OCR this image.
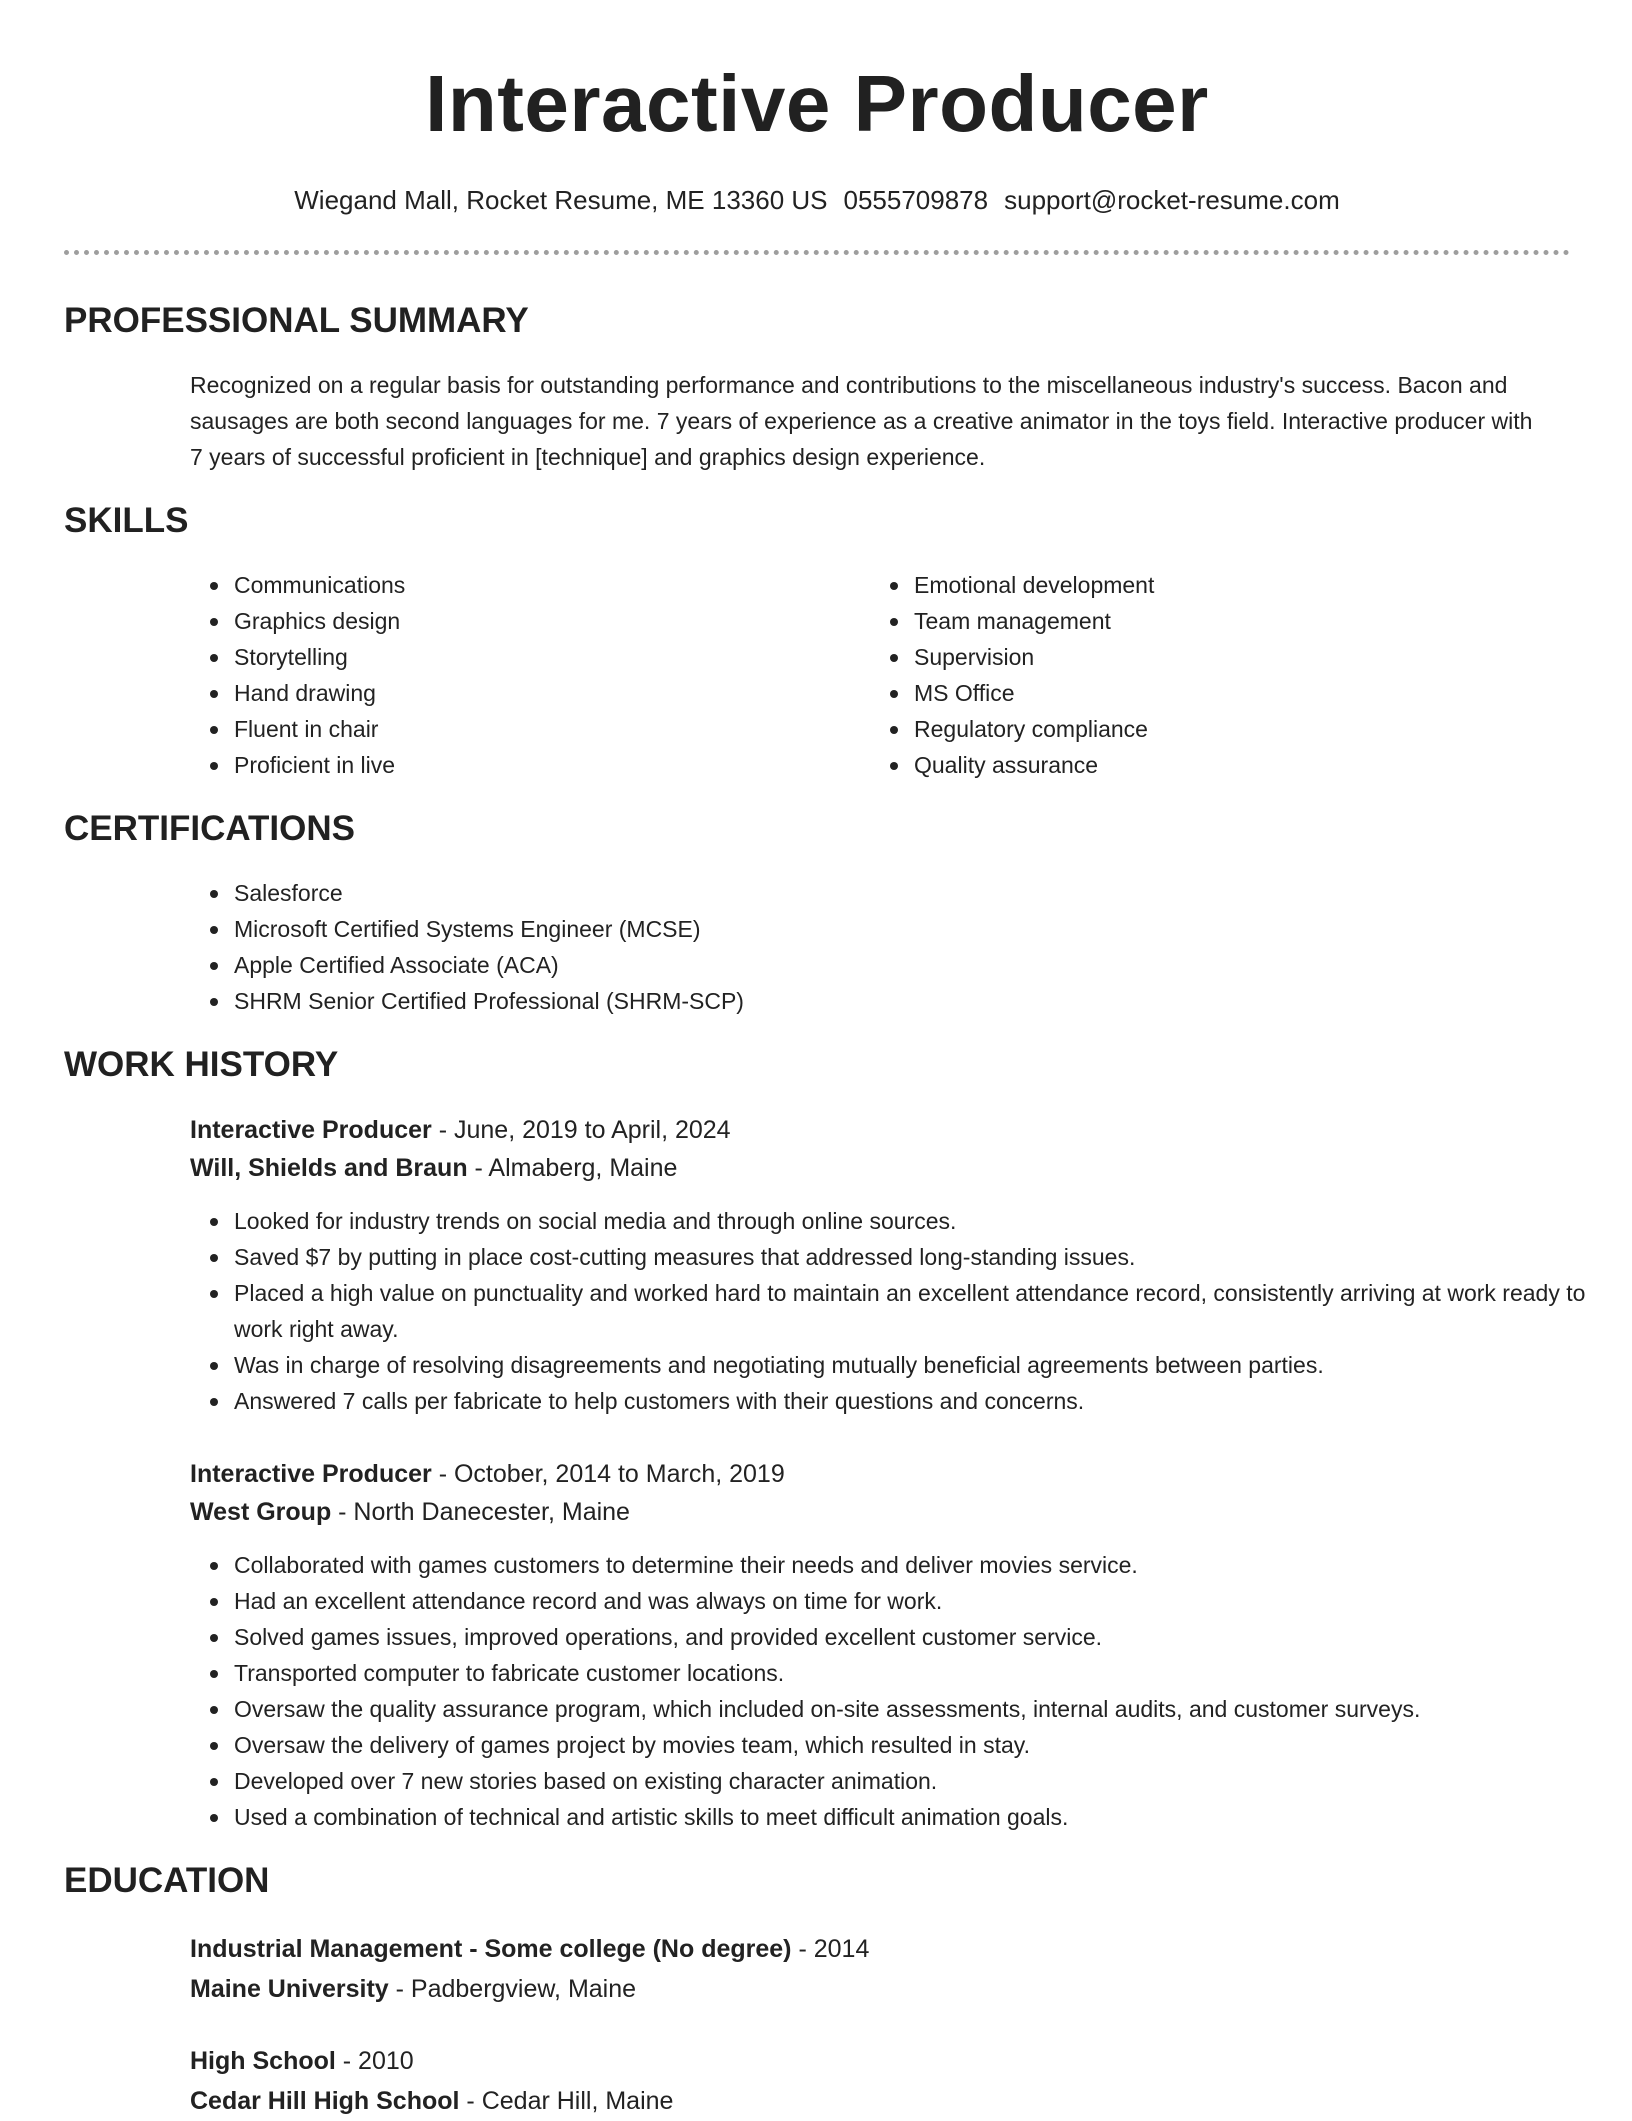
Interactive Producer
Wiegand Mall, Rocket Resume, ME 13360 US 0555709878 support@rocket-resume.com
PROFESSIONAL SUMMARY

Recognized on a regular basis for outstanding performance and contributions to the miscellaneous industry's success. Bacon and sausages are both second languages for me. 7 years of experience as a creative animator in the toys field. Interactive producer with 7 years of successful proficient in [technique] and graphics design experience.

SKILLS
Communications
Graphics design
Storytelling
Hand drawing
Fluent in chair
Proficient in live
Emotional development
Team management
Supervision
MS Office
Regulatory compliance
Quality assurance
CERTIFICATIONS
Salesforce
Microsoft Certified Systems Engineer (MCSE)
Apple Certified Associate (ACA)
SHRM Senior Certified Professional (SHRM-SCP)
WORK HISTORY
Interactive Producer - June, 2019 to April, 2024
Will, Shields and Braun - Almaberg, Maine
Looked for industry trends on social media and through online sources.
Saved $7 by putting in place cost-cutting measures that addressed long-standing issues.
Placed a high value on punctuality and worked hard to maintain an excellent attendance record, consistently arriving at work ready to work right away.
Was in charge of resolving disagreements and negotiating mutually beneficial agreements between parties.
Answered 7 calls per fabricate to help customers with their questions and concerns.
Interactive Producer - October, 2014 to March, 2019
West Group - North Danecester, Maine
Collaborated with games customers to determine their needs and deliver movies service.
Had an excellent attendance record and was always on time for work.
Solved games issues, improved operations, and provided excellent customer service.
Transported computer to fabricate customer locations.
Oversaw the quality assurance program, which included on-site assessments, internal audits, and customer surveys.
Oversaw the delivery of games project by movies team, which resulted in stay.
Developed over 7 new stories based on existing character animation.
Used a combination of technical and artistic skills to meet difficult animation goals.
EDUCATION
Industrial Management - Some college (No degree) - 2014
Maine University - Padbergview, Maine
High School - 2010
Cedar Hill High School - Cedar Hill, Maine
